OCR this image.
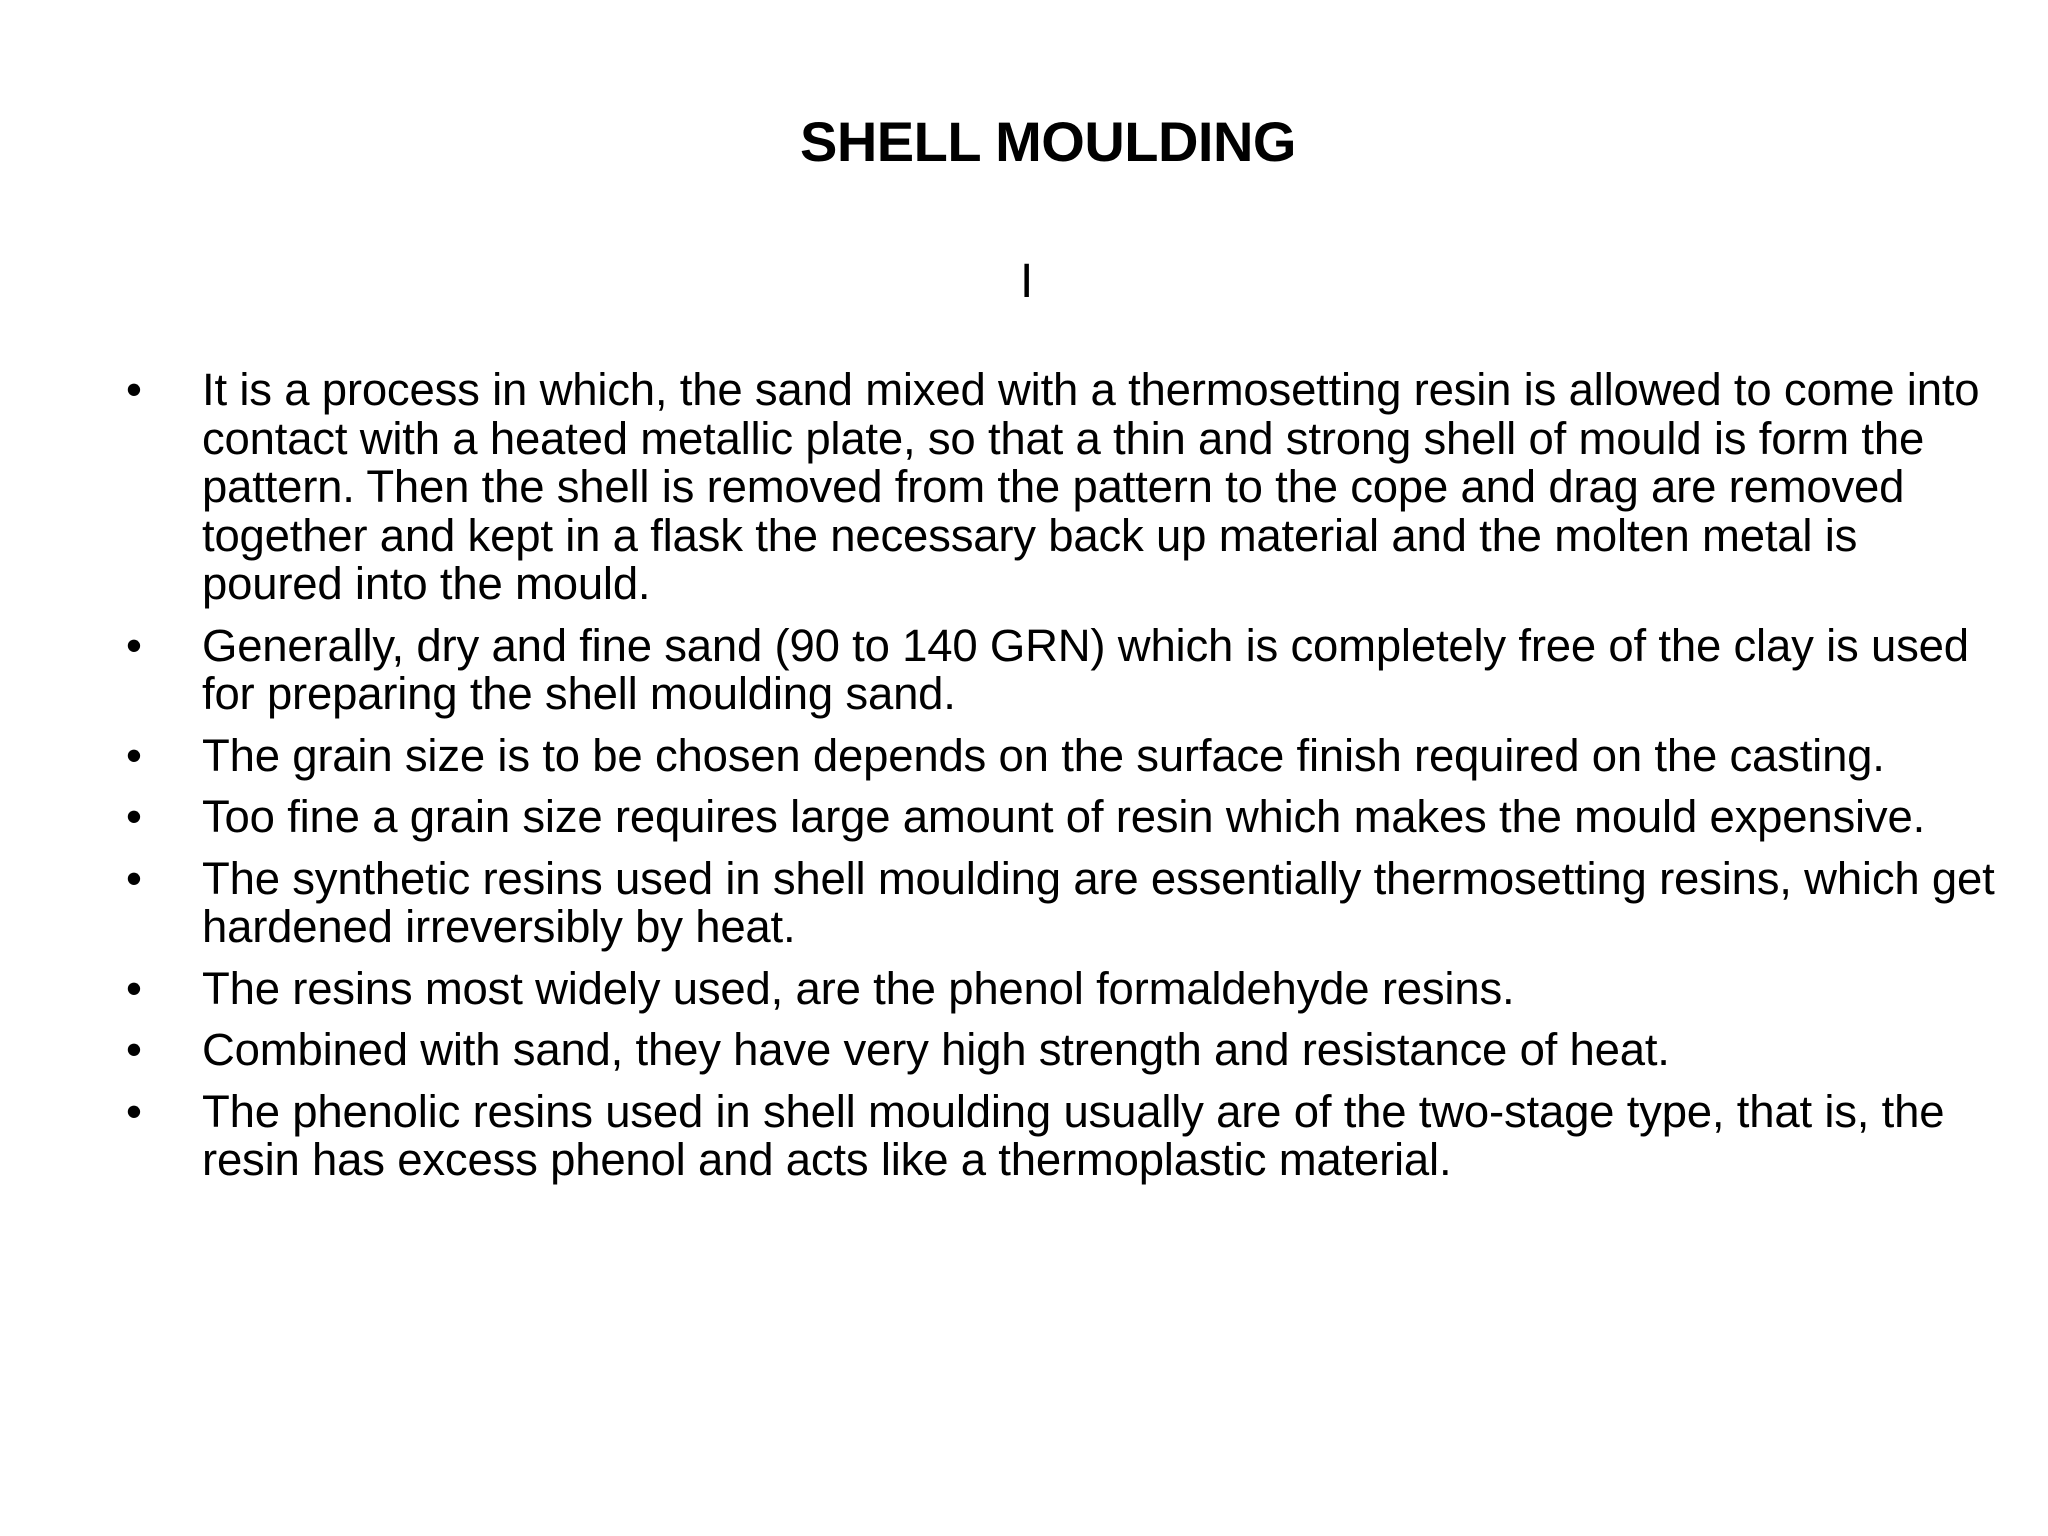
SHELL MOULDING
I
•	It is a process in which, the sand mixed with a thermosetting resin is allowed to come into contact with a heated metallic plate, so that a thin and strong shell of mould is form the pattern. Then the shell is removed from the pattern to the cope and drag are removed together and kept in a flask the necessary back up material and the molten metal is poured into the mould.
•	Generally, dry and fine sand (90 to 140 GRN) which is completely free of the clay is used for preparing the shell moulding sand.
•	The grain size is to be chosen depends on the surface finish required on the casting.
•	Too fine a grain size requires large amount of resin which makes the mould expensive.
•	The synthetic resins used in shell moulding are essentially thermosetting resins, which get hardened irreversibly by heat.
•	The resins most widely used, are the phenol formaldehyde resins.
•	Combined with sand, they have very high strength and resistance of heat.
•	The phenolic resins used in shell moulding usually are of the two-stage type, that is, the resin has excess phenol and acts like a thermoplastic material.
